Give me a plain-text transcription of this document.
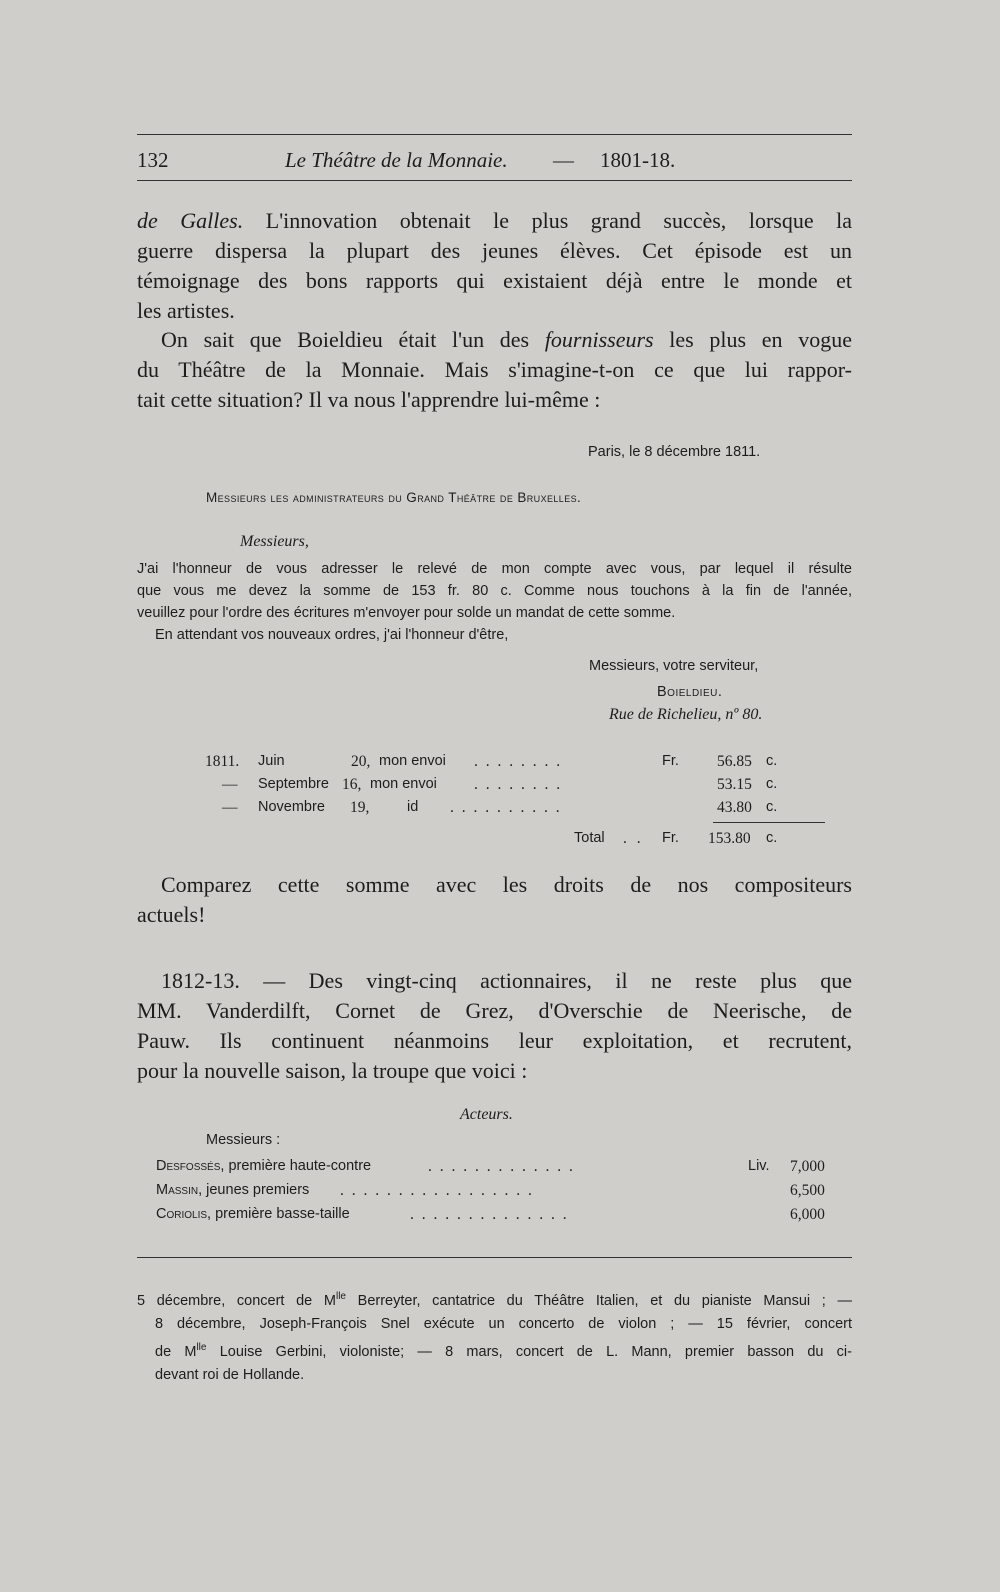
132	Le Théâtre de la Monnaie. — 1801-18.
de Galles. L'innovation obtenait le plus grand succès, lorsque la
guerre dispersa la plupart des jeunes élèves. Cet épisode est un
témoignage des bons rapports qui existaient déjà entre le monde et
les artistes.
On sait que Boieldieu était l'un des fournisseurs les plus en vogue
du Théâtre de la Monnaie. Mais s'imagine-t-on ce que lui rappor-
tait cette situation? Il va nous l'apprendre lui-même :
Paris, le 8 décembre 1811.
Messieurs les administrateurs du Grand Théâtre de Bruxelles.
Messieurs,
J'ai l'honneur de vous adresser le relevé de mon compte avec vous, par lequel il résulte
que vous me devez la somme de 153 fr. 80 c. Comme nous touchons à la fin de l'année,
veuillez pour l'ordre des écritures m'envoyer pour solde un mandat de cette somme.
En attendant vos nouveaux ordres, j'ai l'honneur d'être,
Messieurs, votre serviteur,
Boieldieu.
Rue de Richelieu, nº 80.
1811. Juin	20, mon envoi . . . . . . . .	Fr. 56.85 c.
— Septembre 16, mon envoi . . . . . . . .	53.15 c.
— Novembre 19,	id . . . . . . . . . .	43.80 c.
Total . . Fr. 153.80 c.
Comparez cette somme avec les droits de nos compositeurs
actuels!
1812-13. — Des vingt-cinq actionnaires, il ne reste plus que
MM. Vanderdilft, Cornet de Grez, d'Overschie de Neerische, de
Pauw. Ils continuent néanmoins leur exploitation, et recrutent,
pour la nouvelle saison, la troupe que voici :
Acteurs.
Messieurs :
Desfossés, première haute-contre	. . . . . . . . . . . . .	Liv. 7,000
Massin, jeunes premiers . . . . . . . . . . . . . . . . .	6,500
Coriolis, première basse-taille	. . . . . . . . . . . . . .	6,000
5 décembre, concert de $M^{lle}$ Berreyter, cantatrice du Théâtre Italien, et du pianiste Mansui ; —
8 décembre, Joseph-François Snel exécute un concerto de violon ; — 15 février, concert
de $M^{lle}$ Louise Gerbini, violoniste; — 8 mars, concert de L. Mann, premier basson du ci-
devant roi de Hollande.
